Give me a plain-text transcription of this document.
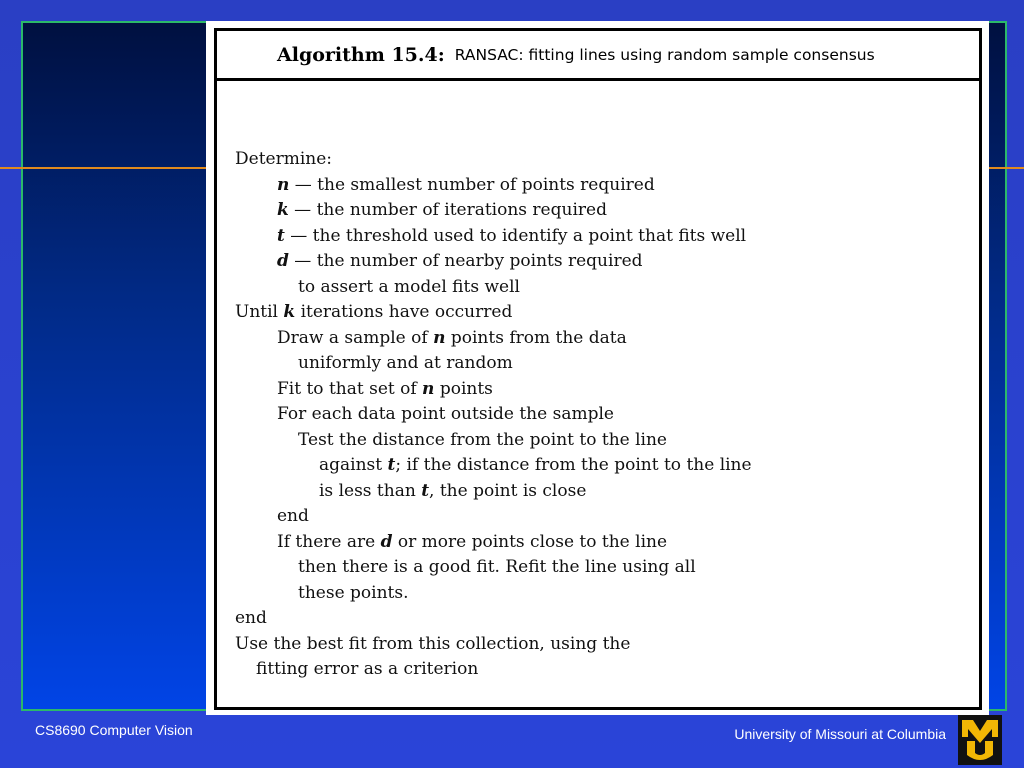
Algorithm 15.4: RANSAC: fitting lines using random sample consensus
Determine:
n — the smallest number of points required
k — the number of iterations required
t — the threshold used to identify a point that fits well
d — the number of nearby points required
to assert a model fits well
Until k iterations have occurred
Draw a sample of n points from the data
uniformly and at random
Fit to that set of n points
For each data point outside the sample
Test the distance from the point to the line
against t; if the distance from the point to the line
is less than t, the point is close
end
If there are d or more points close to the line
then there is a good fit. Refit the line using all
these points.
end
Use the best fit from this collection, using the
fitting error as a criterion
CS8690 Computer Vision	University of Missouri at Columbia
